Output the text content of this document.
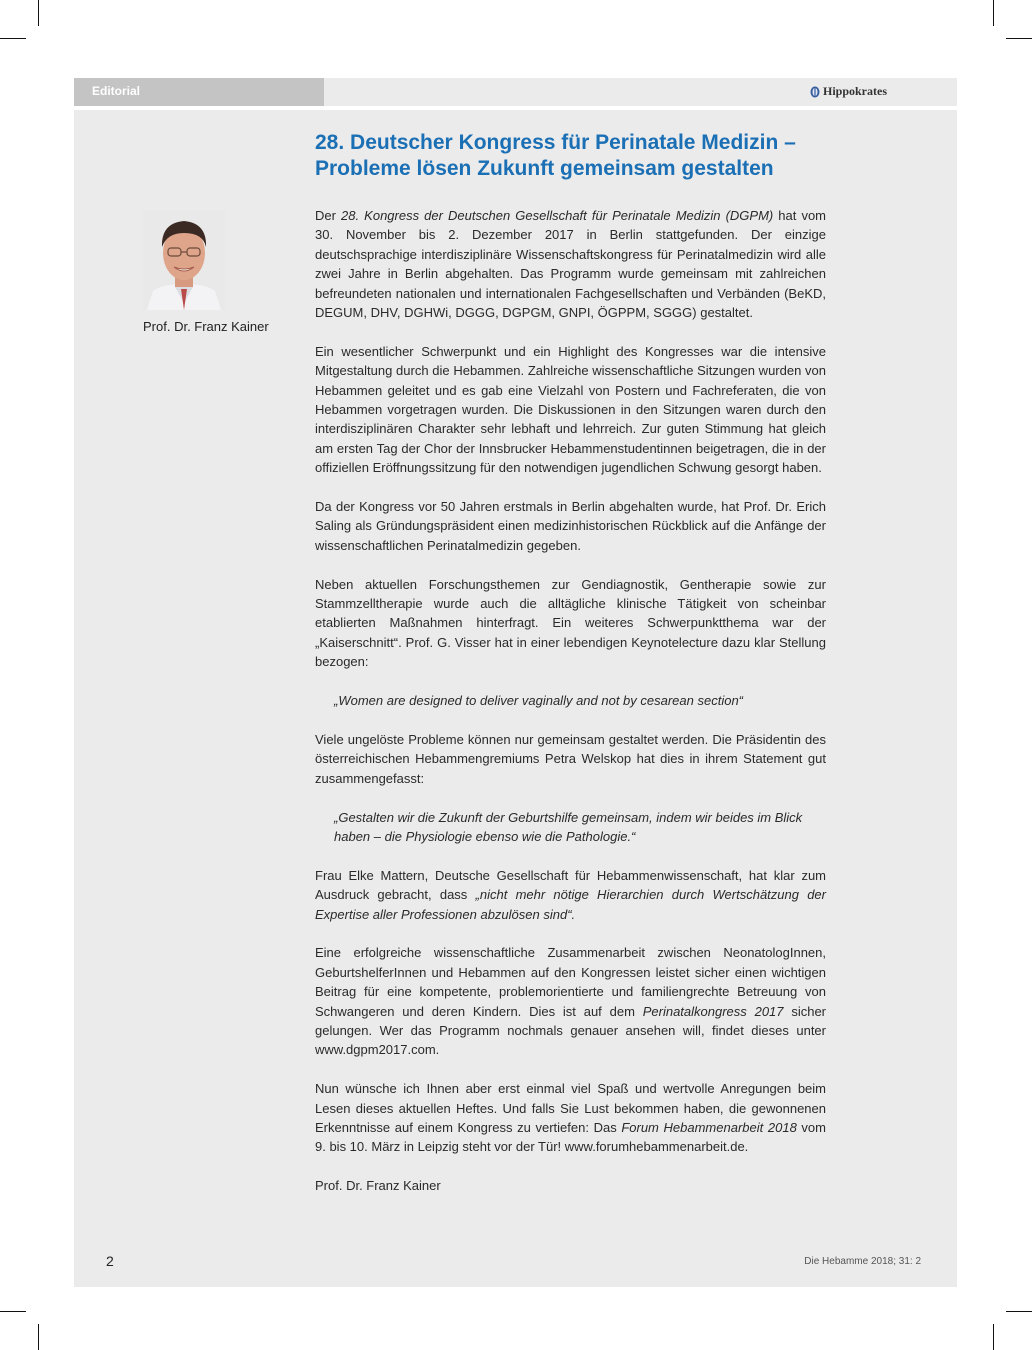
Editorial	Hippokrates
28. Deutscher Kongress für Perinatale Medizin –
Probleme lösen Zukunft gemeinsam gestalten
Prof. Dr. Franz Kainer

Der 28. Kongress der Deutschen Gesellschaft für Perinatale Medizin (DGPM) hat vom 30. November bis 2. Dezember 2017 in Berlin stattgefunden. Der einzige deutschsprachige interdisziplinäre Wissenschaftskongress für Perinatalmedizin wird alle zwei Jahre in Berlin abgehalten. Das Programm wurde gemeinsam mit zahlreichen befreundeten nationalen und internationalen Fachgesellschaften und Verbänden (BeKD, DEGUM, DHV, DGHWi, DGGG, DGPGM, GNPI, ÖGPPM, SGGG) gestaltet.

Ein wesentlicher Schwerpunkt und ein Highlight des Kongresses war die intensive Mitgestaltung durch die Hebammen. Zahlreiche wissenschaftliche Sitzungen wurden von Hebammen geleitet und es gab eine Vielzahl von Postern und Fachreferaten, die von Hebammen vorgetragen wurden. Die Diskussionen in den Sitzungen waren durch den interdisziplinären Charakter sehr lebhaft und lehrreich. Zur guten Stimmung hat gleich am ersten Tag der Chor der Innsbrucker Hebammenstudentinnen beigetragen, die in der offiziellen Eröffnungssitzung für den notwendigen jugendlichen Schwung gesorgt haben.

Da der Kongress vor 50 Jahren erstmals in Berlin abgehalten wurde, hat Prof. Dr. Erich Saling als Gründungspräsident einen medizinhistorischen Rückblick auf die Anfänge der wissenschaftlichen Perinatalmedizin gegeben.

Neben aktuellen Forschungsthemen zur Gendiagnostik, Gentherapie sowie zur Stammzelltherapie wurde auch die alltägliche klinische Tätigkeit von scheinbar etablierten Maßnahmen hinterfragt. Ein weiteres Schwerpunktthema war der „Kaiserschnitt“. Prof. G. Visser hat in einer lebendigen Keynotelecture dazu klar Stellung bezogen:

„Women are designed to deliver vaginally and not by cesarean section“

Viele ungelöste Probleme können nur gemeinsam gestaltet werden. Die Präsidentin des österreichischen Hebammengremiums Petra Welskop hat dies in ihrem Statement gut zusammengefasst:

„Gestalten wir die Zukunft der Geburtshilfe gemeinsam, indem wir beides im Blick haben – die Physiologie ebenso wie die Pathologie.“

Frau Elke Mattern, Deutsche Gesellschaft für Hebammenwissenschaft, hat klar zum Ausdruck gebracht, dass „nicht mehr nötige Hierarchien durch Wertschätzung der Expertise aller Professionen abzulösen sind“.

Eine erfolgreiche wissenschaftliche Zusammenarbeit zwischen NeonatologInnen, GeburtshelferInnen und Hebammen auf den Kongressen leistet sicher einen wichtigen Beitrag für eine kompetente, problemorientierte und familiengrechte Betreuung von Schwangeren und deren Kindern. Dies ist auf dem Perinatalkongress 2017 sicher gelungen. Wer das Programm nochmals genauer ansehen will, findet dieses unter www.dgpm2017.com.

Nun wünsche ich Ihnen aber erst einmal viel Spaß und wertvolle Anregungen beim Lesen dieses aktuellen Heftes. Und falls Sie Lust bekommen haben, die gewonnenen Erkenntnisse auf einem Kongress zu vertiefen: Das Forum Hebammenarbeit 2018 vom 9. bis 10. März in Leipzig steht vor der Tür! www.forumhebammenarbeit.de.

Prof. Dr. Franz Kainer

2	Die Hebamme 2018; 31: 2
